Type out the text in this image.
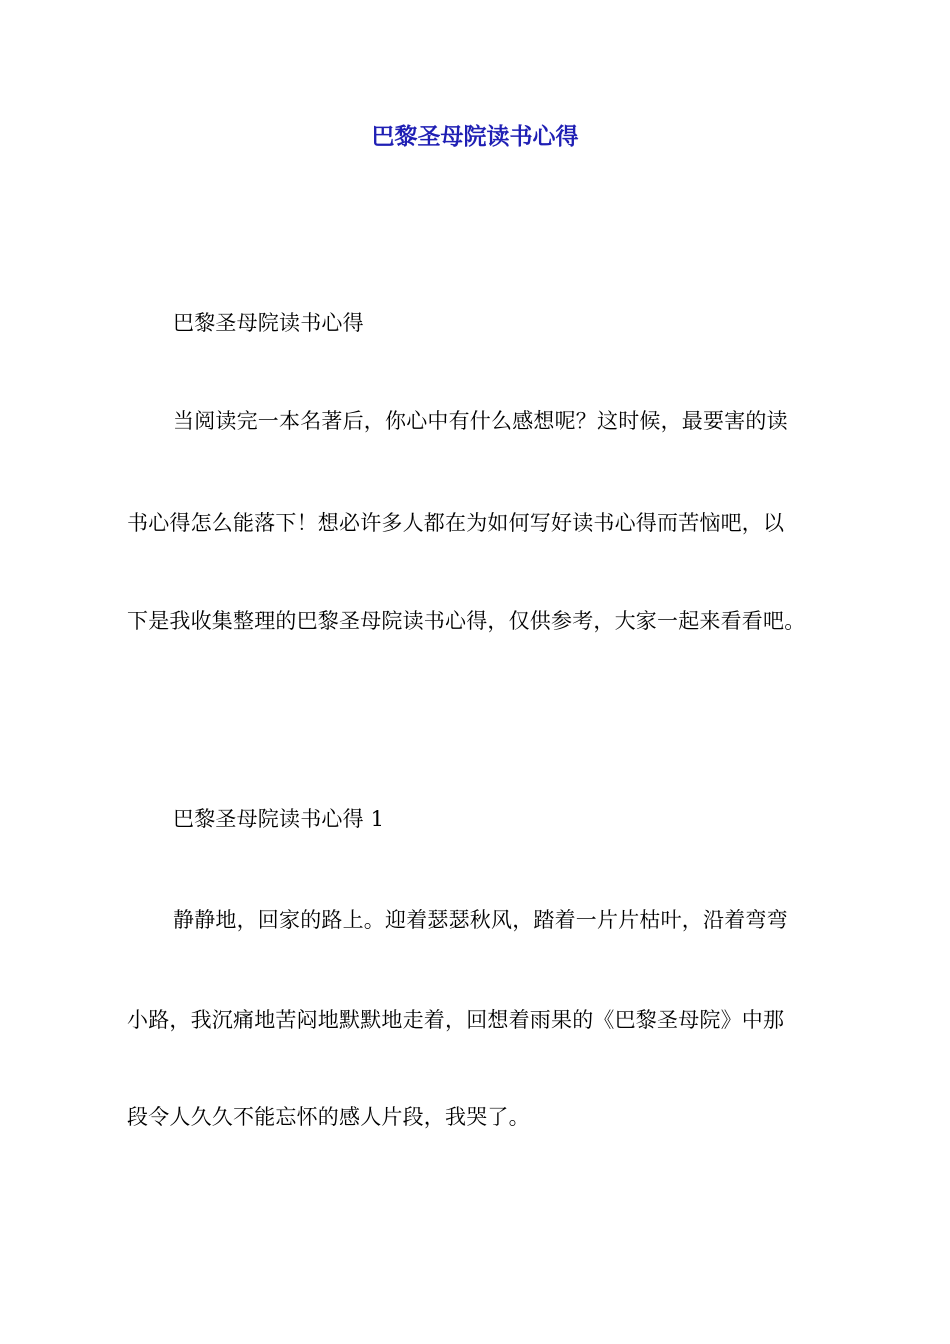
巴黎圣母院读书心得
巴黎圣母院读书心得
当阅读完一本名著后，你心中有什么感想呢？这时候，最要害的读
书心得怎么能落下！想必许多人都在为如何写好读书心得而苦恼吧，以
下是我收集整理的巴黎圣母院读书心得，仅供参考，大家一起来看看吧。
巴黎圣母院读书心得 1
静静地，回家的路上。迎着瑟瑟秋风，踏着一片片枯叶，沿着弯弯
小路，我沉痛地苦闷地默默地走着，回想着雨果的《巴黎圣母院》中那
段令人久久不能忘怀的感人片段，我哭了。
